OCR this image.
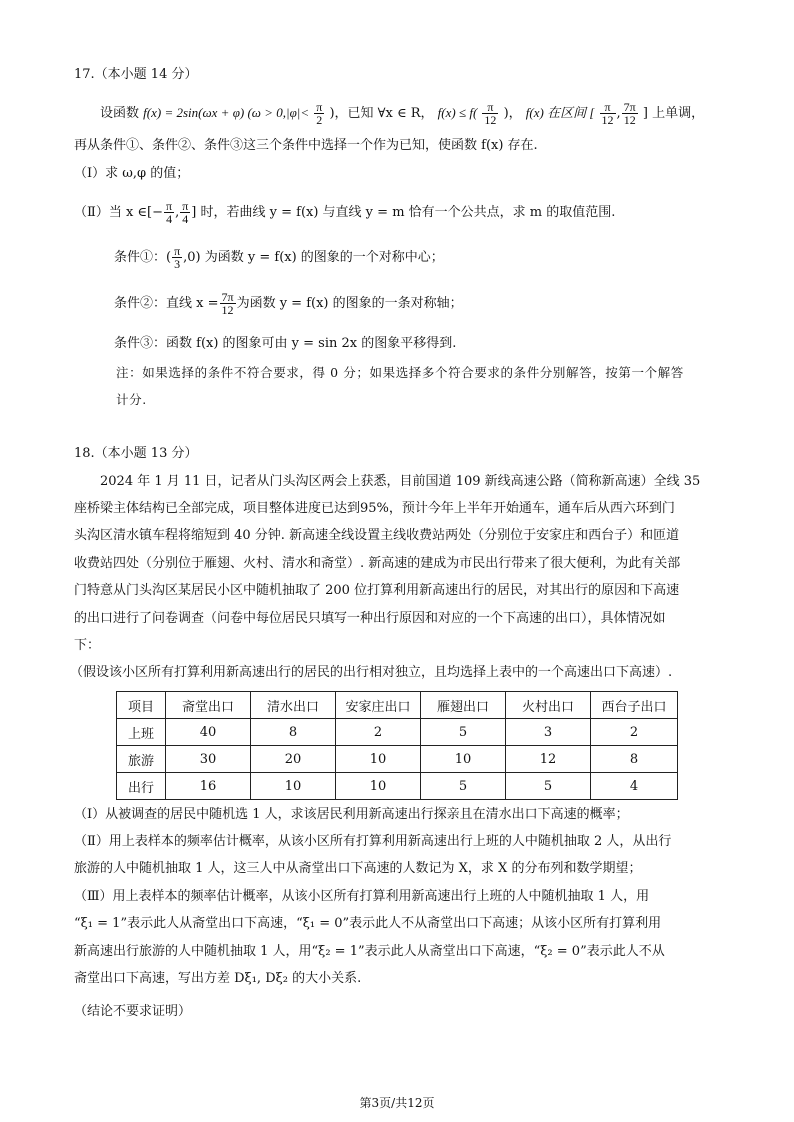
17.（本小题 14 分）
设函数 f(x) = 2sin(ωx + φ) ($\omega > 0,|\varphi|< \frac{\pi}{2}$ )，已知 ∀x ∈ R， $f(x) \le f( \frac{\pi}{12}$ )， f(x) 在区间 [ $\frac{\pi}{12}$ , $\frac{7\pi}{12}$ ] 上单调，
再从条件①、条件②、条件③这三个条件中选择一个作为已知，使函数 f(x) 存在.
（Ⅰ）求 ω,φ 的值；
（Ⅱ）当 x ∈[− $\frac{\pi}{4}$ , $\frac{\pi}{4}$ ] 时，若曲线 y = f(x) 与直线 y = m 恰有一个公共点，求 m 的取值范围.
条件①：( $\frac{\pi}{3} ,0$) 为函数 y = f(x) 的图象的一个对称中心；
条件②：直线 $x = \frac{7\pi}{12}$ 为函数 y = f(x) 的图象的一条对称轴；
条件③：函数 f(x) 的图象可由 y = sin 2x 的图象平移得到.
注：如果选择的条件不符合要求，得 0 分；如果选择多个符合要求的条件分别解答，按第一个解答
计分.
18.（本小题 13 分）
2024 年 1 月 11 日，记者从门头沟区两会上获悉，目前国道 109 新线高速公路（简称新高速）全线 35
座桥梁主体结构已全部完成，项目整体进度已达到95%，预计今年上半年开始通车，通车后从西六环到门
头沟区清水镇车程将缩短到 40 分钟. 新高速全线设置主线收费站两处（分别位于安家庄和西台子）和匝道
收费站四处（分别位于雁翅、火村、清水和斋堂）. 新高速的建成为市民出行带来了很大便利，为此有关部
门特意从门头沟区某居民小区中随机抽取了 200 位打算利用新高速出行的居民，对其出行的原因和下高速
的出口进行了问卷调查（问卷中每位居民只填写一种出行原因和对应的一个下高速的出口），具体情况如
下：
（假设该小区所有打算利用新高速出行的居民的出行相对独立，且均选择上表中的一个高速出口下高速）.
项目	斋堂出口	清水出口	安家庄出口	雁翅出口	火村出口	西台子出口
上班	40	8	2	5	3	2
旅游	30	20	10	10	12	8
出行	16	10	10	5	5	4
（Ⅰ）从被调查的居民中随机选 1 人，求该居民利用新高速出行探亲且在清水出口下高速的概率；
（Ⅱ）用上表样本的频率估计概率，从该小区所有打算利用新高速出行上班的人中随机抽取 2 人，从出行
旅游的人中随机抽取 1 人，这三人中从斋堂出口下高速的人数记为 X，求 X 的分布列和数学期望；
（Ⅲ）用上表样本的频率估计概率，从该小区所有打算利用新高速出行上班的人中随机抽取 1 人，用
“ξ₁ = 1”表示此人从斋堂出口下高速，“ξ₁ = 0”表示此人不从斋堂出口下高速；从该小区所有打算利用
新高速出行旅游的人中随机抽取 1 人，用“ξ₂ = 1”表示此人从斋堂出口下高速，“ξ₂ = 0”表示此人不从
斋堂出口下高速，写出方差 Dξ₁, Dξ₂ 的大小关系.
（结论不要求证明）
第3页/共12页
